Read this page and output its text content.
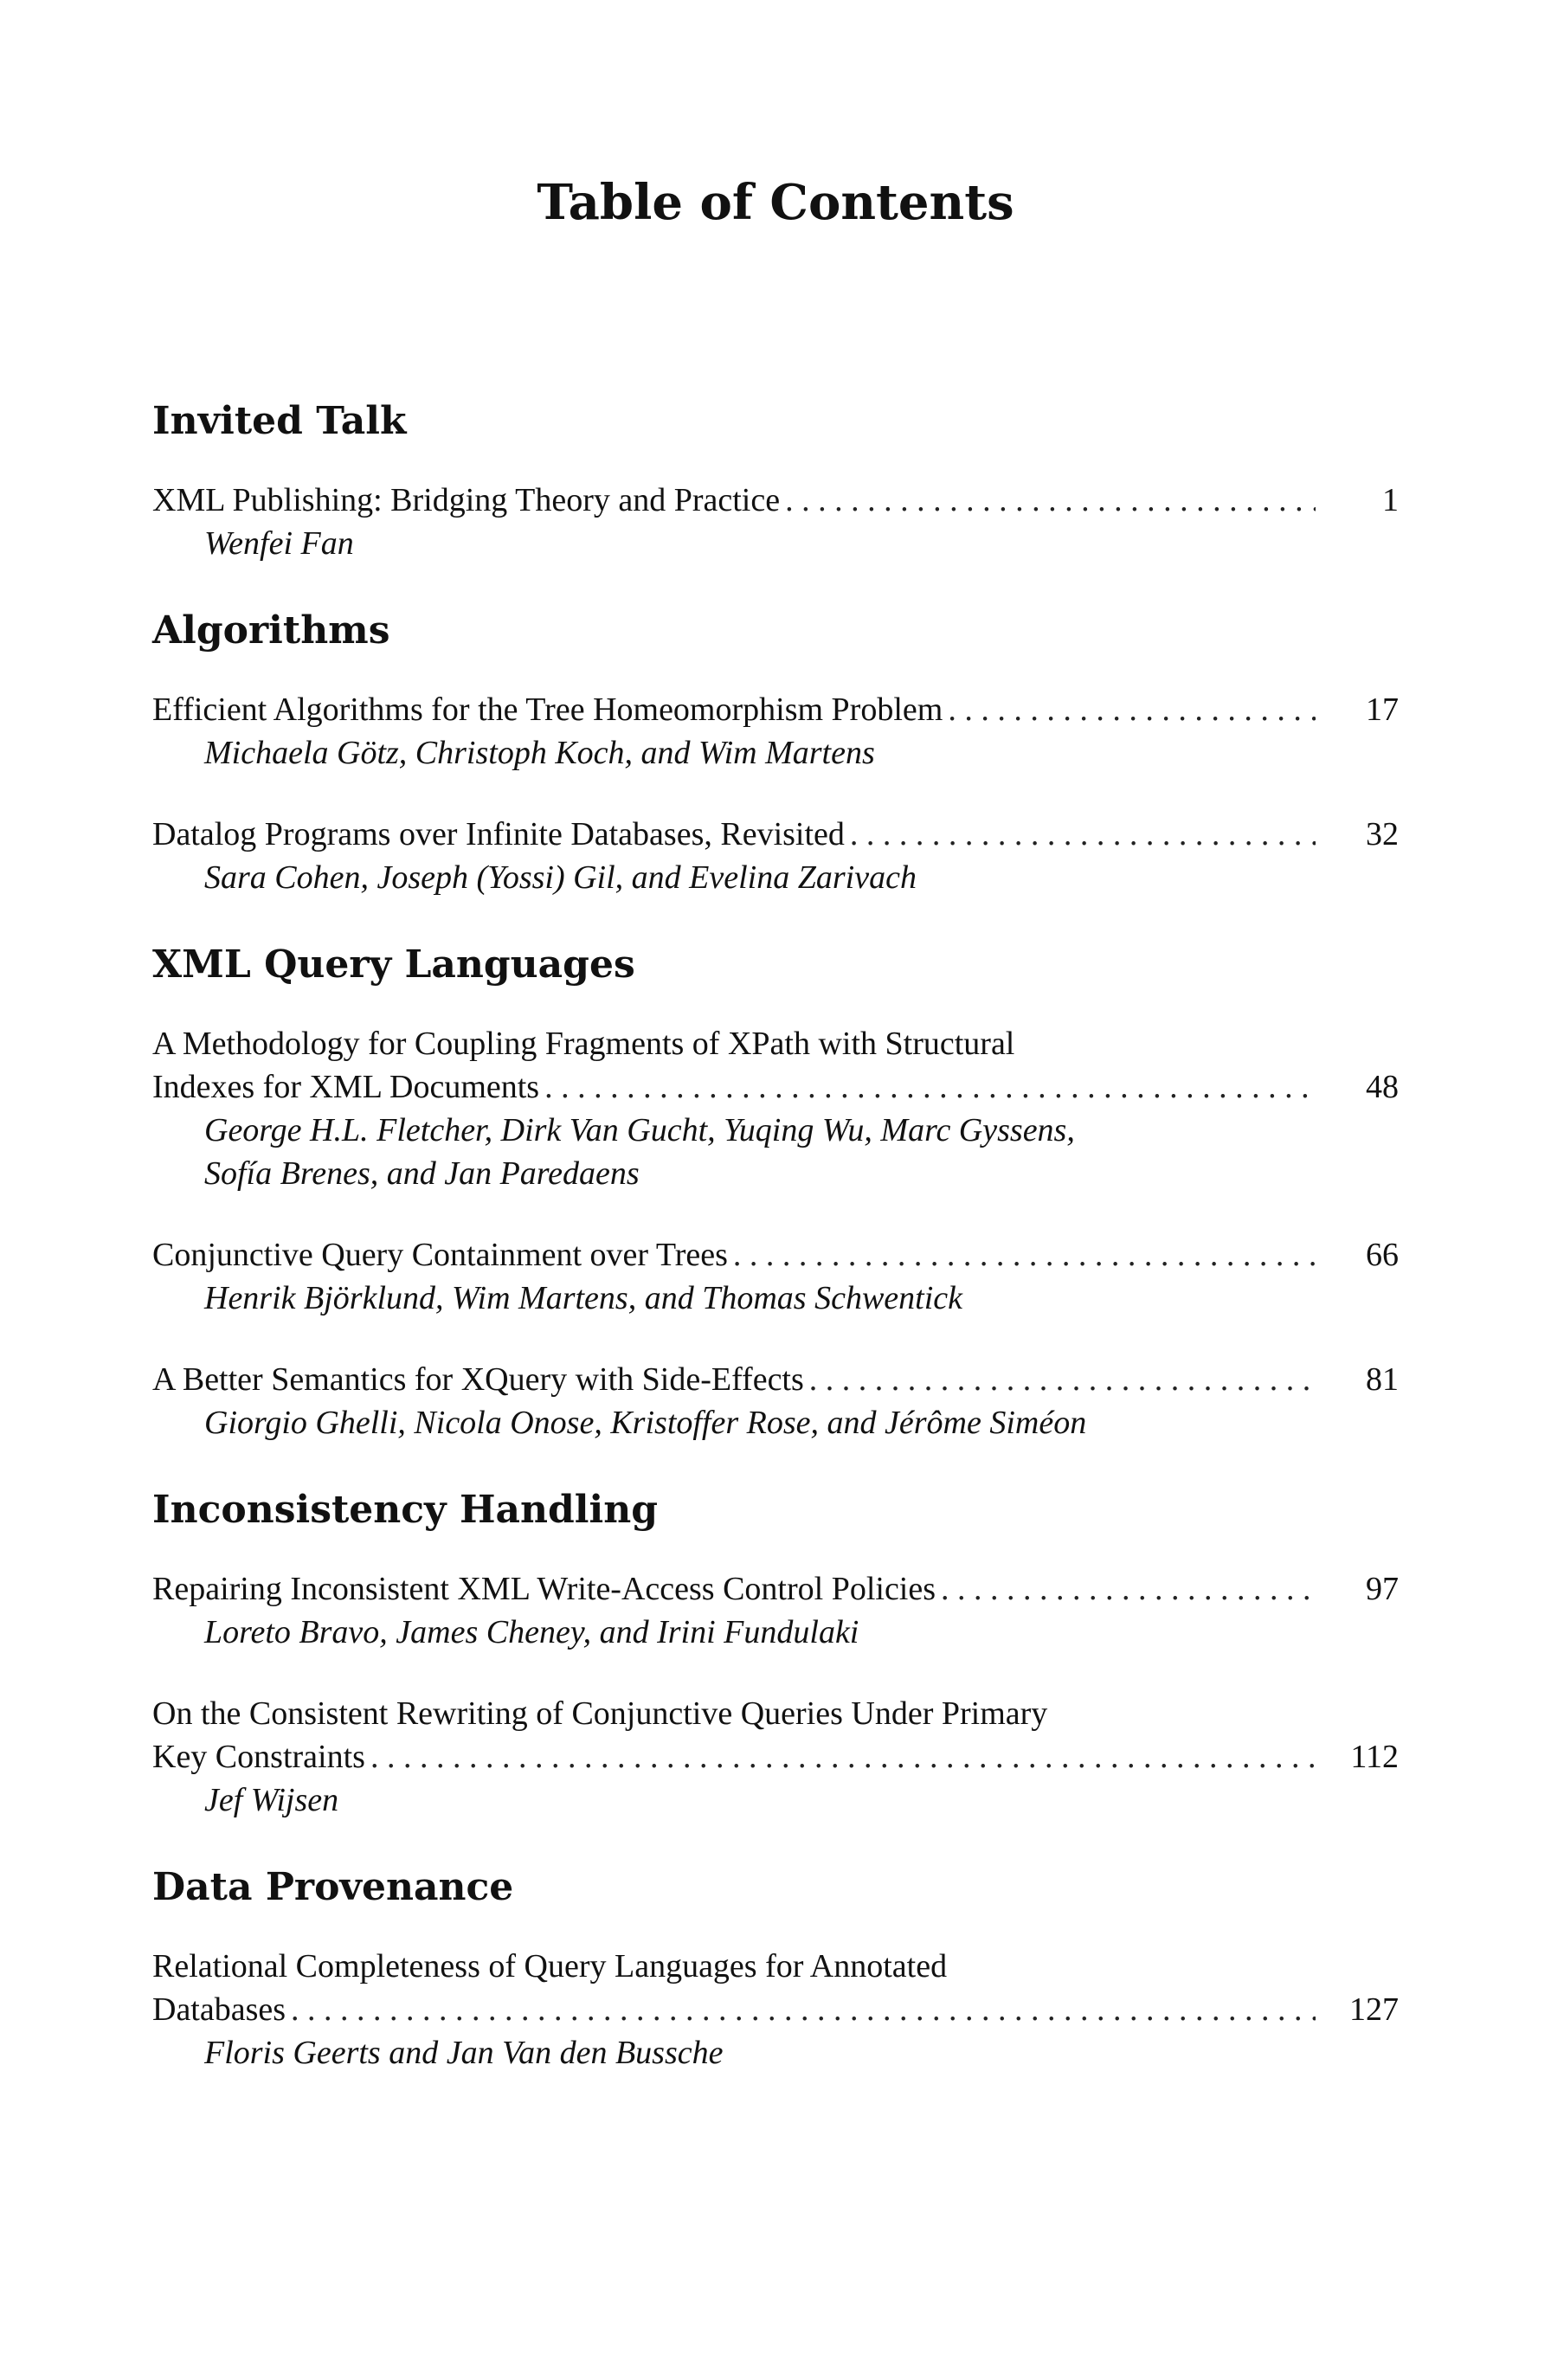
Table of Contents
Invited Talk
XML Publishing: Bridging Theory and Practice . . .	1
Wenfei Fan
Algorithms
Efficient Algorithms for the Tree Homeomorphism Problem . . .	17
Michaela Götz, Christoph Koch, and Wim Martens
Datalog Programs over Infinite Databases, Revisited . . .	32
Sara Cohen, Joseph (Yossi) Gil, and Evelina Zarivach
XML Query Languages
A Methodology for Coupling Fragments of XPath with Structural
Indexes for XML Documents . . .	48
George H.L. Fletcher, Dirk Van Gucht, Yuqing Wu, Marc Gyssens,
Sofía Brenes, and Jan Paredaens
Conjunctive Query Containment over Trees . . .	66
Henrik Björklund, Wim Martens, and Thomas Schwentick
A Better Semantics for XQuery with Side-Effects . . .	81
Giorgio Ghelli, Nicola Onose, Kristoffer Rose, and Jérôme Siméon
Inconsistency Handling
Repairing Inconsistent XML Write-Access Control Policies . . .	97
Loreto Bravo, James Cheney, and Irini Fundulaki
On the Consistent Rewriting of Conjunctive Queries Under Primary
Key Constraints . . .	112
Jef Wijsen
Data Provenance
Relational Completeness of Query Languages for Annotated
Databases . . .	127
Floris Geerts and Jan Van den Bussche
